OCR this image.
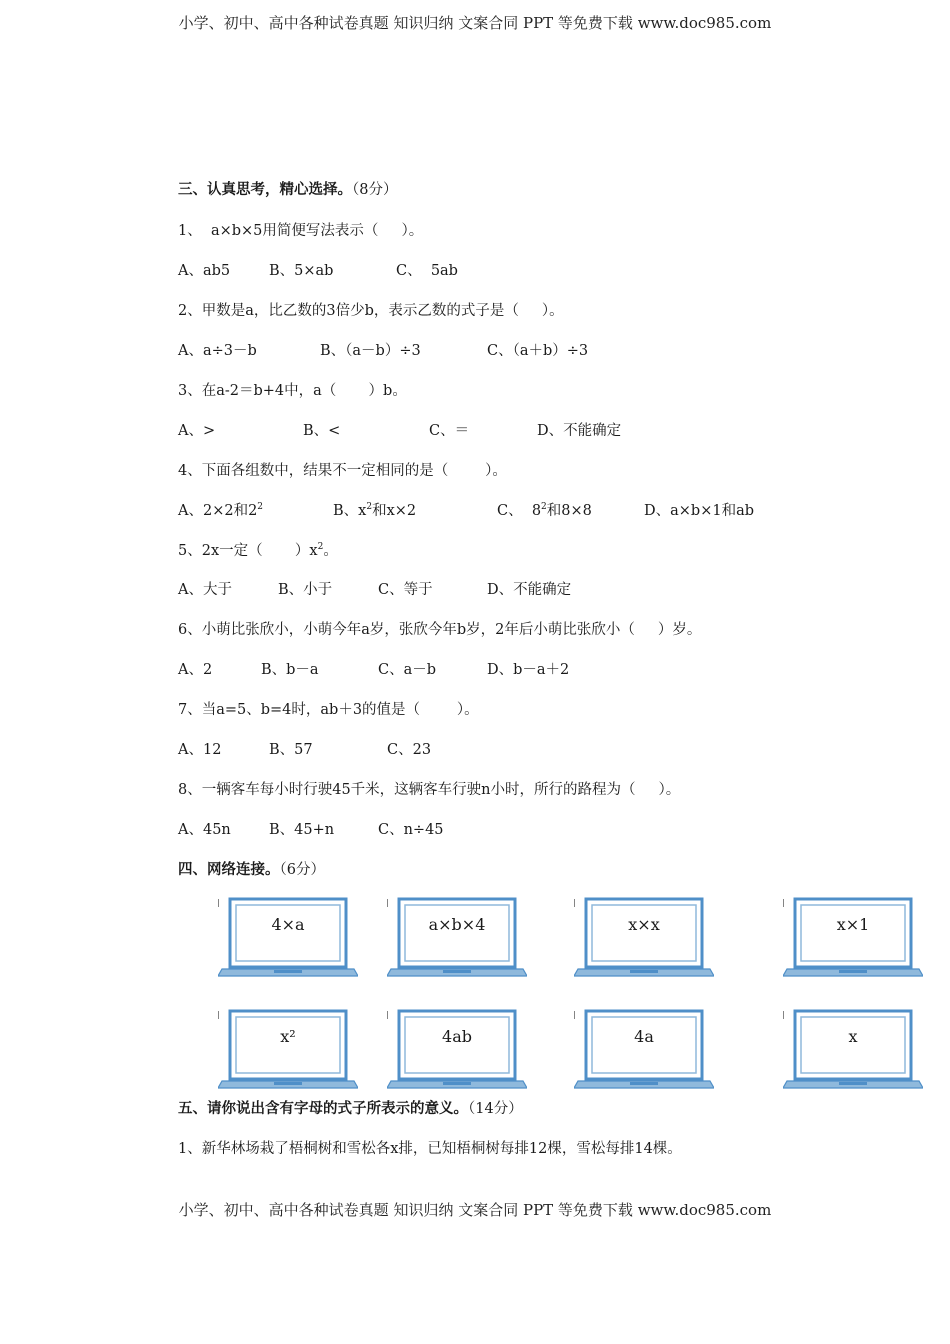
小学、初中、高中各种试卷真题 知识归纳 文案合同 PPT 等免费下载 www.doc985.com
小学、初中、高中各种试卷真题 知识归纳 文案合同 PPT 等免费下载 www.doc985.com
三、认真思考，精心选择。（8分）
1、  a×b×5用简便写法表示（     ）。
A、ab5	B、5×ab	C、  5ab
2、甲数是a，比乙数的3倍少b，表示乙数的式子是（     ）。
A、a÷3－b	B、（a－b）÷3	C、（a＋b）÷3
3、在a-2＝b+4中，a（       ）b。
A、>	B、<	C、＝	D、不能确定
4、下面各组数中，结果不一定相同的是（        ）。
A、2×2和$2^2$	B、$x^2$和x×2	C、  $8^2$和8×8	D、a×b×1和ab
5、2x一定（       ）$x^2$。
A、大于	B、小于	C、等于	D、不能确定
6、小萌比张欣小，小萌今年a岁，张欣今年b岁，2年后小萌比张欣小（     ）岁。
A、2	B、b－a	C、a－b	D、b－a＋2
7、当a=5、b=4时，ab＋3的值是（        ）。
A、12	B、57	C、23
8、一辆客车每小时行驶45千米，这辆客车行驶n小时，所行的路程为（     ）。
A、45n	B、45+n	C、n÷45
四、网络连接。（6分）
4×a	a×b×4	x×x	x×1
x²	4ab	4a	x
五、请你说出含有字母的式子所表示的意义。（14分）
1、新华林场栽了梧桐树和雪松各x排，已知梧桐树每排12棵，雪松每排14棵。
